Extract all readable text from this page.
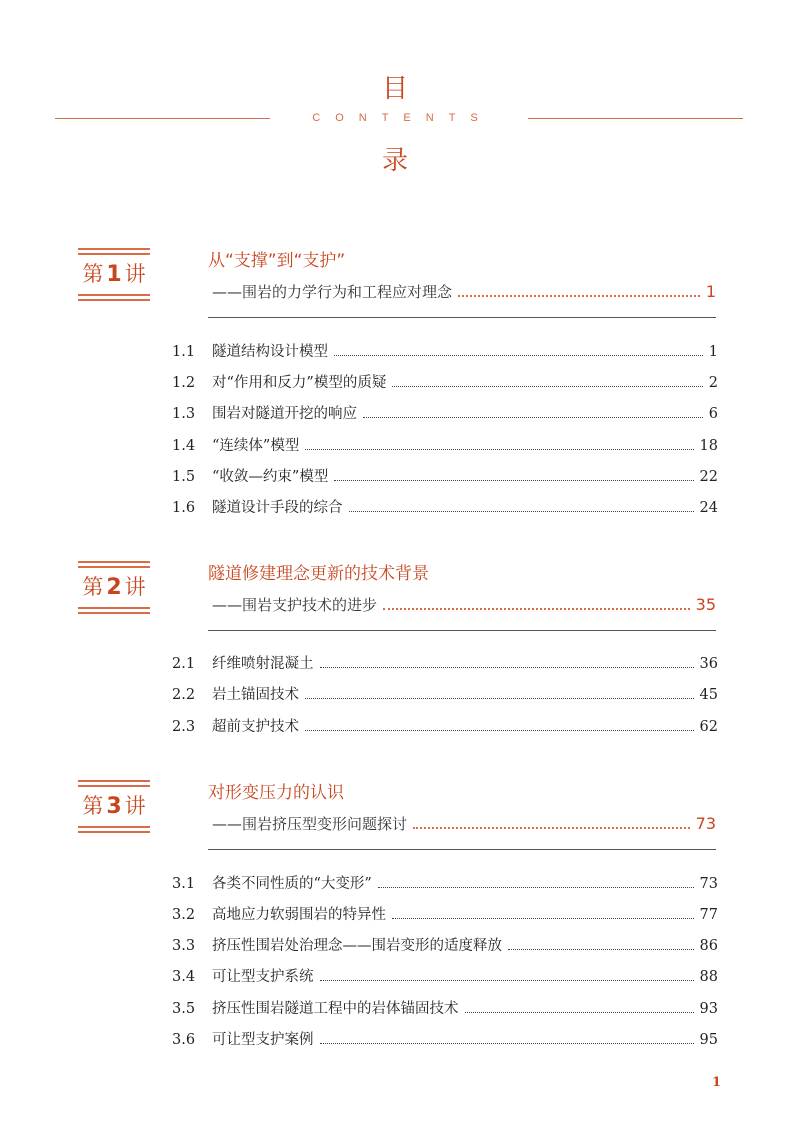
目
CONTENTS
录
第 1 讲
从“支撑”到“支护”
——围岩的力学行为和工程应对理念	1
1.1	隧道结构设计模型	1
1.2	对“作用和反力”模型的质疑	2
1.3	围岩对隧道开挖的响应	6
1.4	“连续体”模型	18
1.5	“收敛—约束”模型	22
1.6	隧道设计手段的综合	24
第 2 讲
隧道修建理念更新的技术背景
——围岩支护技术的进步	35
2.1	纤维喷射混凝土	36
2.2	岩土锚固技术	45
2.3	超前支护技术	62
第 3 讲
对形变压力的认识
——围岩挤压型变形问题探讨	73
3.1	各类不同性质的“大变形”	73
3.2	高地应力软弱围岩的特异性	77
3.3	挤压性围岩处治理念——围岩变形的适度释放	86
3.4	可让型支护系统	88
3.5	挤压性围岩隧道工程中的岩体锚固技术	93
3.6	可让型支护案例	95
1
